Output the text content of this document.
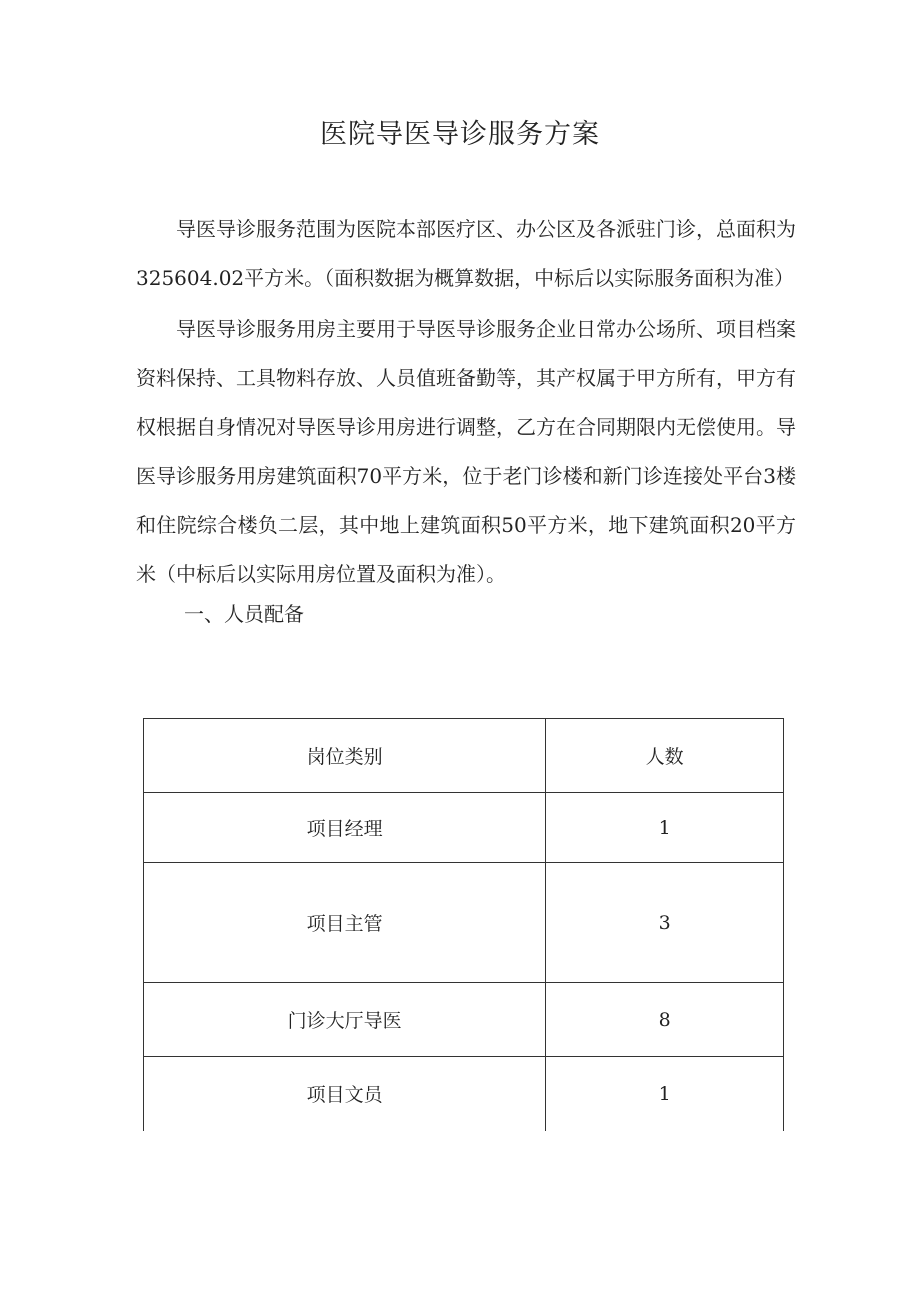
医院导医导诊服务方案

导医导诊服务范围为医院本部医疗区、办公区及各派驻门诊，总面积为325604.02平方米。（面积数据为概算数据，中标后以实际服务面积为准）

导医导诊服务用房主要用于导医导诊服务企业日常办公场所、项目档案资料保持、工具物料存放、人员值班备勤等，其产权属于甲方所有，甲方有权根据自身情况对导医导诊用房进行调整，乙方在合同期限内无偿使用。导医导诊服务用房建筑面积70平方米，位于老门诊楼和新门诊连接处平台3楼和住院综合楼负二层，其中地上建筑面积50平方米，地下建筑面积20平方米（中标后以实际用房位置及面积为准）。

一、人员配备
岗位类别	人数
项目经理	1
项目主管	3
门诊大厅导医	8
项目文员	1
